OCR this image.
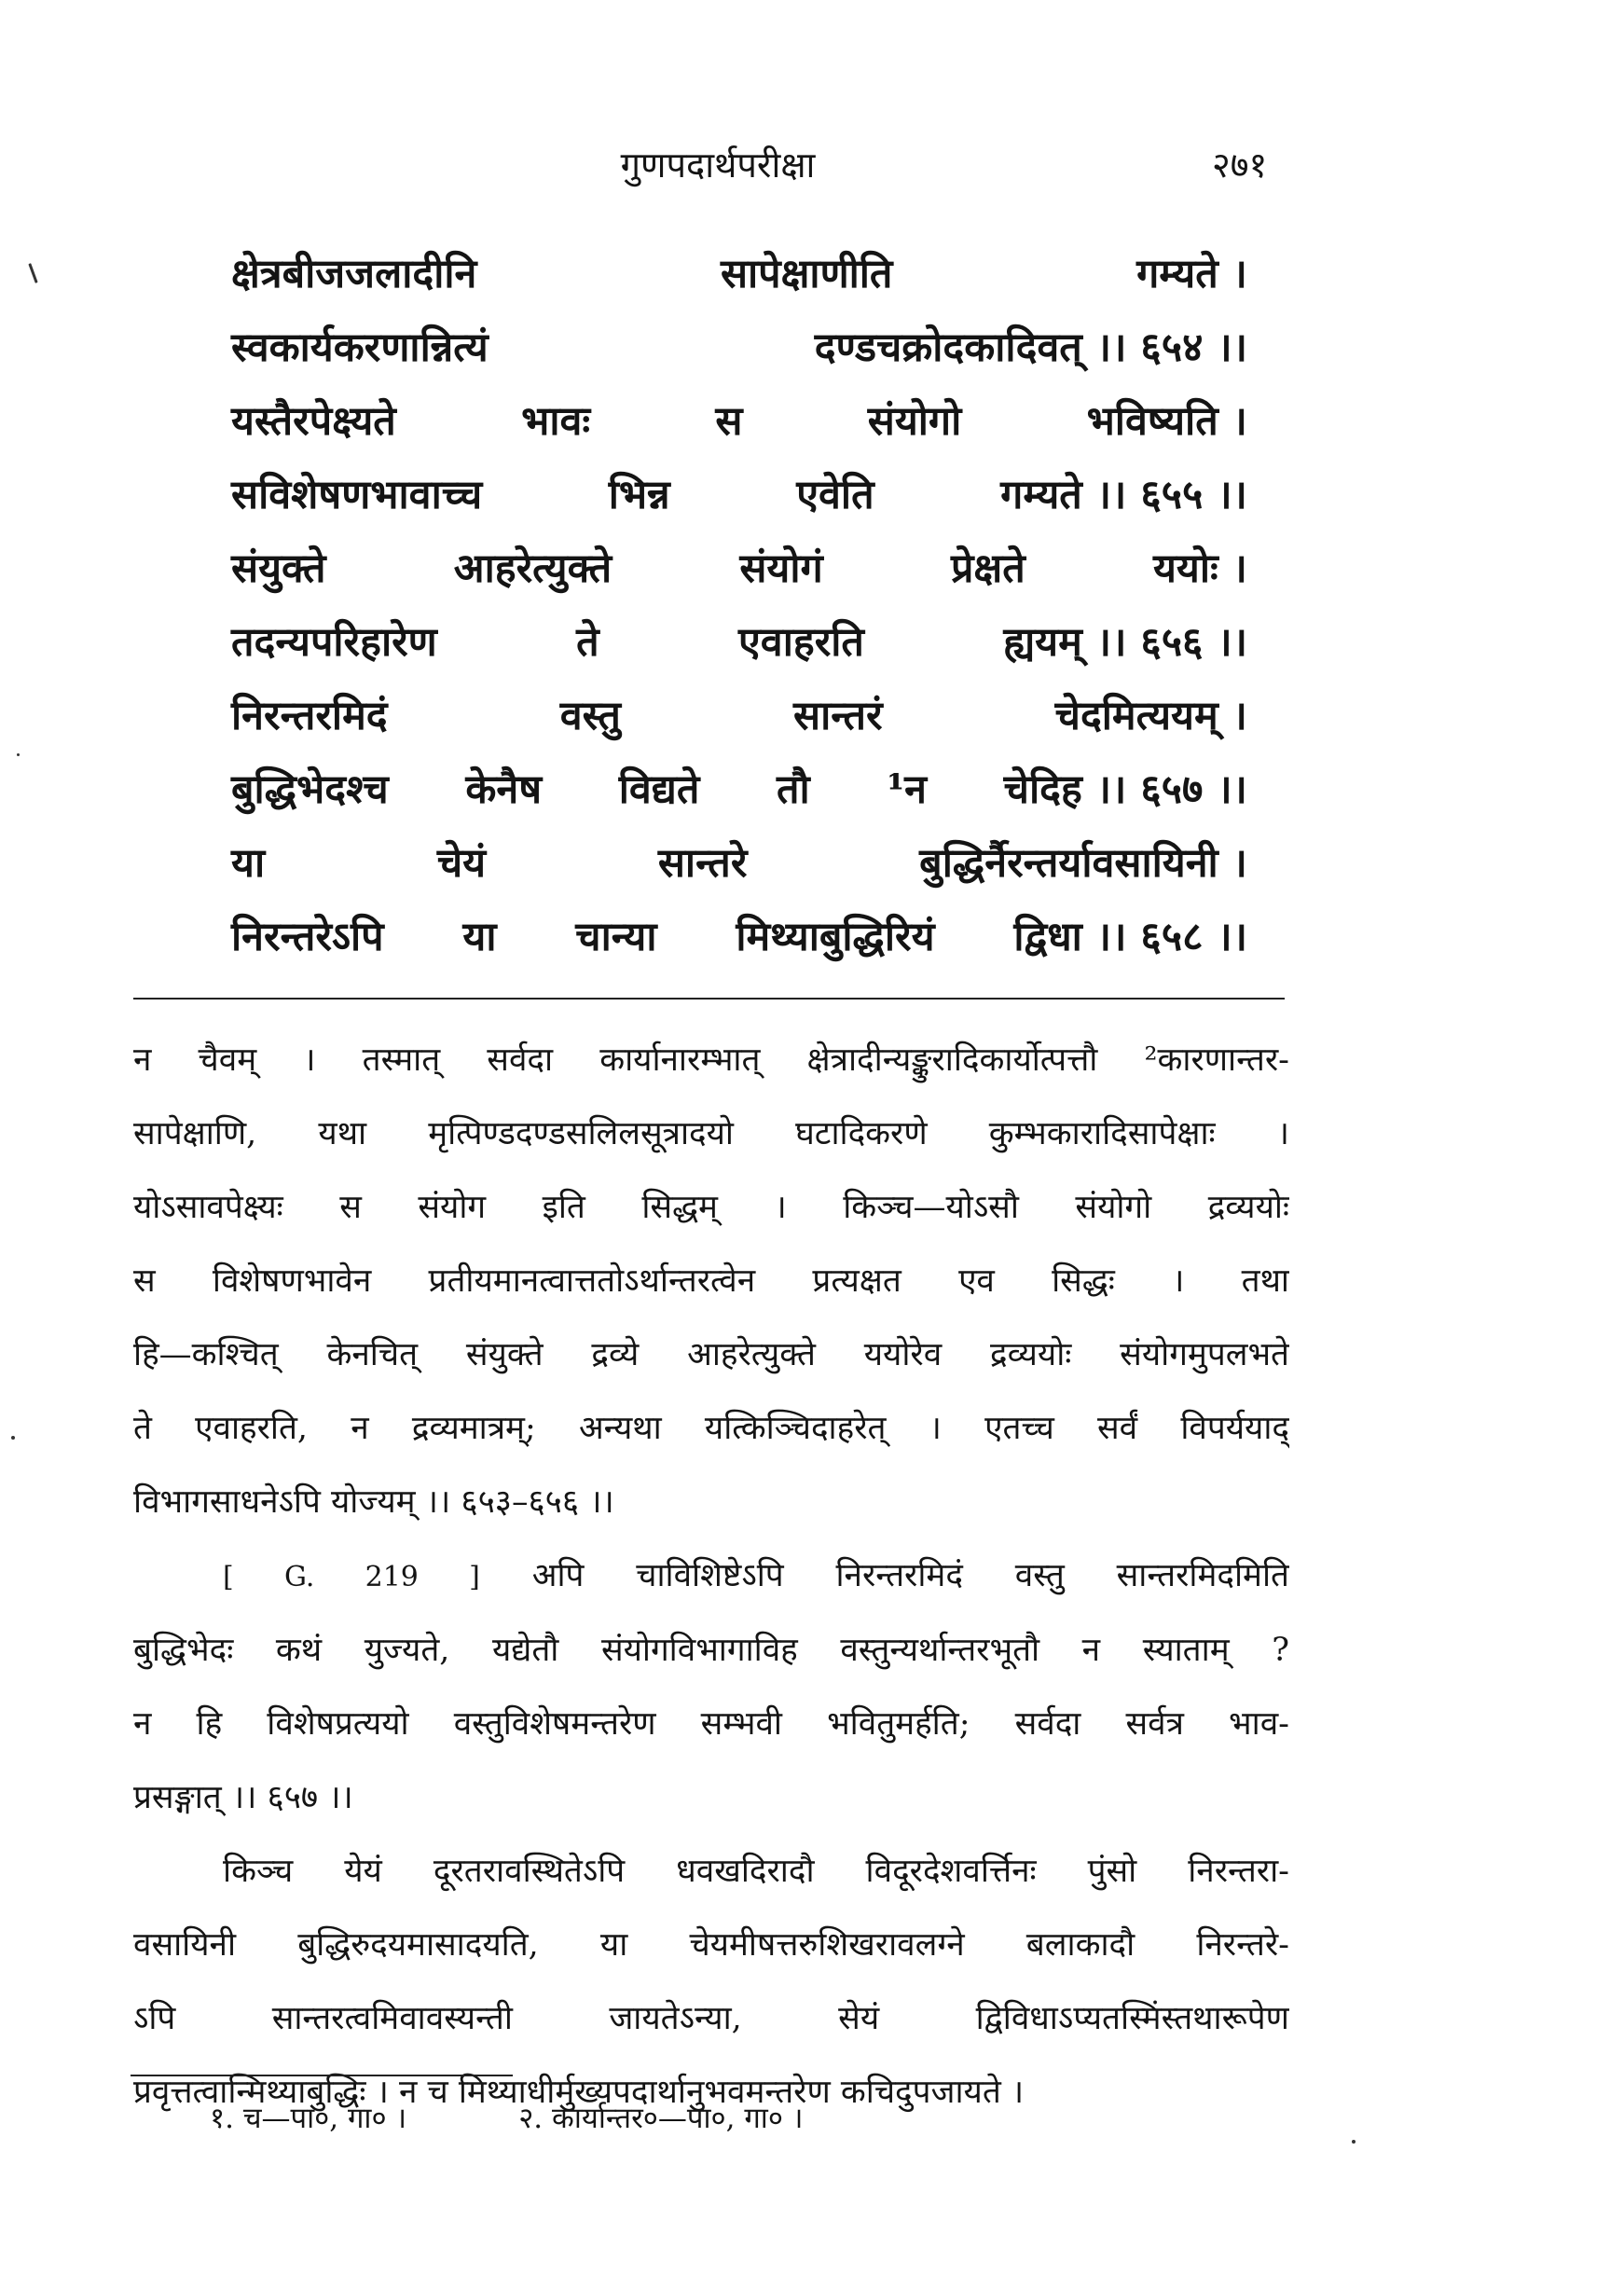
गुणपदार्थपरीक्षा	२७१
क्षेत्रबीजजलादीनि	सापेक्षाणीति	गम्यते ।
स्वकार्यकरणान्नित्यं	दण्डचक्रोदकादिवत् ।। ६५४ ।।
यस्तैरपेक्ष्यते	भावः	स	संयोगो	भविष्यति ।
सविशेषणभावाच्च	भिन्न	एवेति	गम्यते ।। ६५५ ।।
संयुक्ते	आहरेत्युक्ते	संयोगं	प्रेक्षते	ययोः ।
तदन्यपरिहारेण	ते	एवाहरति	ह्ययम् ।। ६५६ ।।
निरन्तरमिदं	वस्तु	सान्तरं	चेदमित्ययम् ।
बुद्धिभेदश्च केनैष विद्यते तौ ¹न चेदिह ।। ६५७ ।।
या	चेयं	सान्तरे	बुद्धिर्नैरन्तर्यावसायिनी ।
निरन्तरेऽपि या चान्या मिथ्याबुद्धिरियं द्विधा ।। ६५८ ।।
न चैवम् । तस्मात् सर्वदा कार्यानारम्भात् क्षेत्रादीन्यङ्कुरादिकार्योत्पत्तौ ²कारणान्तर-
सापेक्षाणि, यथा मृत्पिण्डदण्डसलिलसूत्रादयो घटादिकरणे कुम्भकारादिसापेक्षाः ।
योऽसावपेक्ष्यः स संयोग इति सिद्धम् । किञ्च—योऽसौ संयोगो द्रव्ययोः
स विशेषणभावेन प्रतीयमानत्वात्ततोऽर्थान्तरत्वेन प्रत्यक्षत एव सिद्धः । तथा
हि—कश्चित् केनचित् संयुक्ते द्रव्ये आहरेत्युक्ते ययोरेव द्रव्ययोः संयोगमुपलभते
ते एवाहरति, न द्रव्यमात्रम्; अन्यथा यत्किञ्चिदाहरेत् । एतच्च सर्वं विपर्ययाद्
विभागसाधनेऽपि योज्यम् ।। ६५३–६५६ ।।
[ G. 219 ] अपि चाविशिष्टेऽपि निरन्तरमिदं वस्तु सान्तरमिदमिति
बुद्धिभेदः कथं युज्यते, यद्येतौ संयोगविभागाविह वस्तुन्यर्थान्तरभूतौ न स्याताम् ?
न हि विशेषप्रत्ययो वस्तुविशेषमन्तरेण सम्भवी भवितुमर्हति; सर्वदा सर्वत्र भाव-
प्रसङ्गात् ।। ६५७ ।।
किञ्च येयं दूरतरावस्थितेऽपि धवखदिरादौ विदूरदेशवर्त्तिनः पुंसो निरन्तरा-
वसायिनी बुद्धिरुदयमासादयति, या चेयमीषत्तरुशिखरावलग्ने बलाकादौ निरन्तरे-
ऽपि सान्तरत्वमिवावस्यन्ती जायतेऽन्या, सेयं द्विविधाऽप्यतस्मिंस्तथारूपेण
प्रवृत्तत्वान्मिथ्याबुद्धिः । न च मिथ्याधीर्मुख्यपदार्थानुभवमन्तरेण कचिदुपजायते ।
१. च—पा०, गा० ।	२. कार्यान्तर०—पा०, गा० ।
